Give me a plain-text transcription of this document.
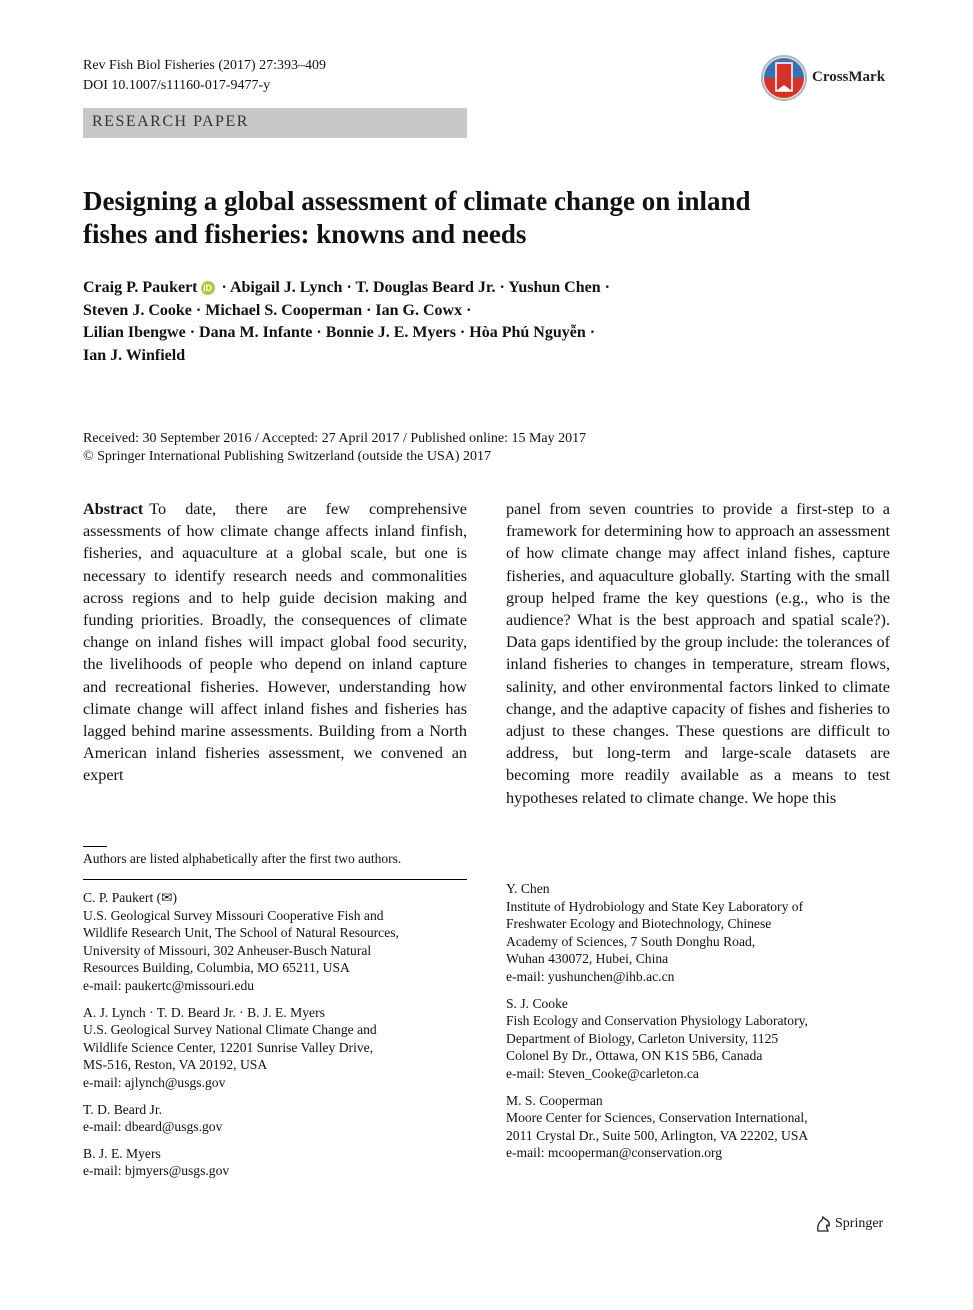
Rev Fish Biol Fisheries (2017) 27:393–409
DOI 10.1007/s11160-017-9477-y
CrossMark
RESEARCH PAPER
Designing a global assessment of climate change on inland
fishes and fisheries: knowns and needs
Craig P. Paukert iD · Abigail J. Lynch · T. Douglas Beard Jr. · Yushun Chen ·
Steven J. Cooke · Michael S. Cooperman · Ian G. Cowx ·
Lilian Ibengwe · Dana M. Infante · Bonnie J. E. Myers · Hòa Phú Nguyễn ·
Ian J. Winfield
Received: 30 September 2016 / Accepted: 27 April 2017 / Published online: 15 May 2017
© Springer International Publishing Switzerland (outside the USA) 2017
Abstract To date, there are few comprehensive assessments of how climate change affects inland finfish, fisheries, and aquaculture at a global scale, but one is necessary to identify research needs and commonalities across regions and to help guide decision making and funding priorities. Broadly, the consequences of climate change on inland fishes will impact global food security, the livelihoods of people who depend on inland capture and recreational fisheries. However, understanding how climate change will affect inland fishes and fisheries has lagged behind marine assessments. Building from a North American inland fisheries assessment, we convened an expert
panel from seven countries to provide a first-step to a framework for determining how to approach an assessment of how climate change may affect inland fishes, capture fisheries, and aquaculture globally. Starting with the small group helped frame the key questions (e.g., who is the audience? What is the best approach and spatial scale?). Data gaps identified by the group include: the tolerances of inland fisheries to changes in temperature, stream flows, salinity, and other environmental factors linked to climate change, and the adaptive capacity of fishes and fisheries to adjust to these changes. These questions are difficult to address, but long-term and large-scale datasets are becoming more readily available as a means to test hypotheses related to climate change. We hope this
Authors are listed alphabetically after the first two authors.
C. P. Paukert (✉)
U.S. Geological Survey Missouri Cooperative Fish and
Wildlife Research Unit, The School of Natural Resources,
University of Missouri, 302 Anheuser-Busch Natural
Resources Building, Columbia, MO 65211, USA
e-mail: paukertc@missouri.edu
A. J. Lynch · T. D. Beard Jr. · B. J. E. Myers
U.S. Geological Survey National Climate Change and
Wildlife Science Center, 12201 Sunrise Valley Drive,
MS-516, Reston, VA 20192, USA
e-mail: ajlynch@usgs.gov
T. D. Beard Jr.
e-mail: dbeard@usgs.gov
B. J. E. Myers
e-mail: bjmyers@usgs.gov
Y. Chen
Institute of Hydrobiology and State Key Laboratory of
Freshwater Ecology and Biotechnology, Chinese
Academy of Sciences, 7 South Donghu Road,
Wuhan 430072, Hubei, China
e-mail: yushunchen@ihb.ac.cn
S. J. Cooke
Fish Ecology and Conservation Physiology Laboratory,
Department of Biology, Carleton University, 1125
Colonel By Dr., Ottawa, ON K1S 5B6, Canada
e-mail: Steven_Cooke@carleton.ca
M. S. Cooperman
Moore Center for Sciences, Conservation International,
2011 Crystal Dr., Suite 500, Arlington, VA 22202, USA
e-mail: mcooperman@conservation.org
Springer
